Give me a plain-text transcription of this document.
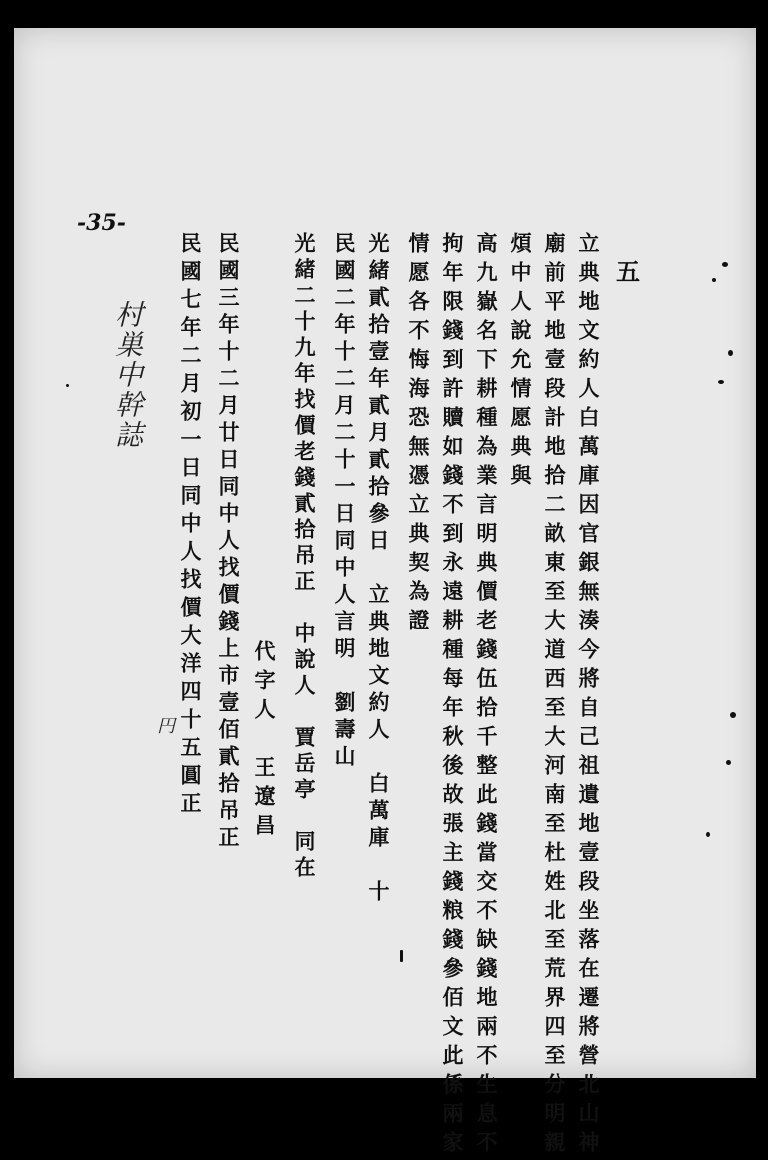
五
-35-
村巣中幹誌
円	立典地文約人白萬庫因官銀無湊今將自己祖遺地壹段坐落在遷將營北山神
廟前平地壹段計地拾二畝東至大道西至大河南至杜姓北至荒界四至分明親
煩中人說允情愿典與
高九嶽名下耕種為業言明典價老錢伍拾千整此錢當交不缺錢地兩不生息不
拘年限錢到許贖如錢不到永遠耕種每年秋後故張主錢粮錢參佰文此係兩家
情愿各不悔海恐無憑立典契為證
光緒貳拾壹年貳月貳拾參日　立典地文約人　白萬庫　十
民國二年十二月二十一日同中人言明　劉壽山
光緒二十九年找價老錢貳拾吊正　中說人　賈岳亭　同在
代字人　王遼昌
民國三年十二月廿日同中人找價錢上市壹佰貳拾吊正
民國七年二月初一日同中人找價大洋四十五圓正
